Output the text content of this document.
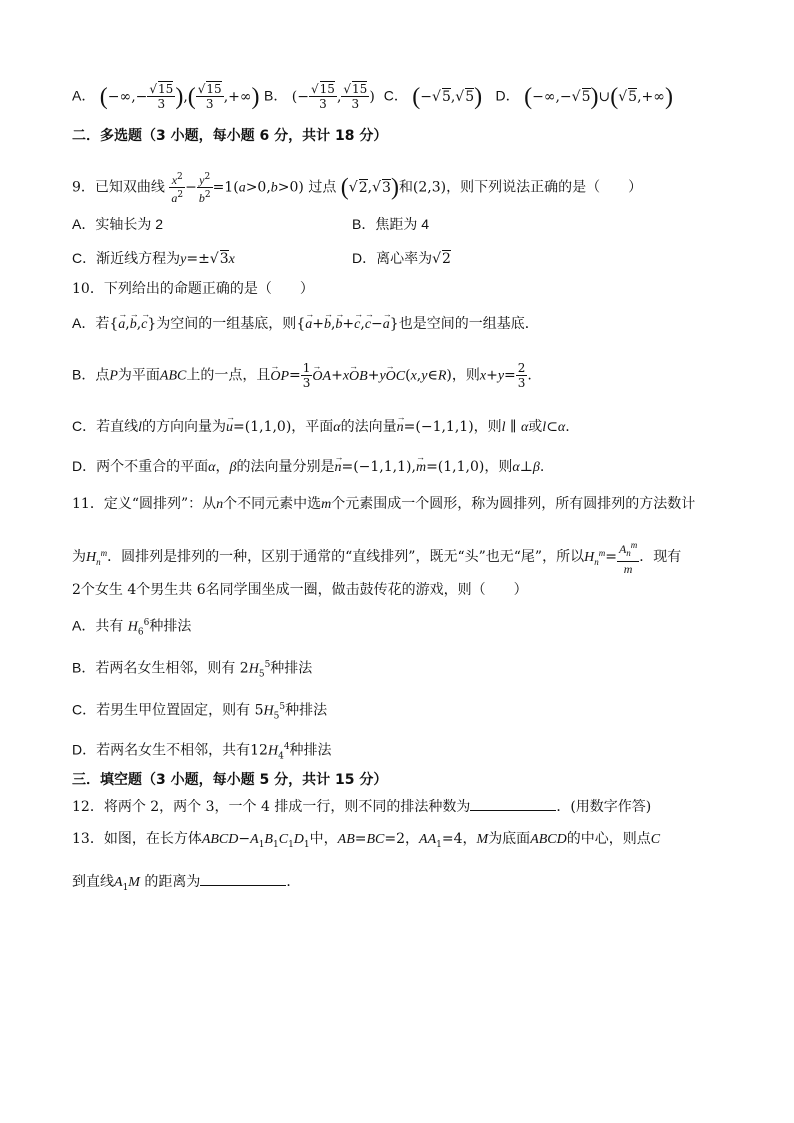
A． (−∞,− $\frac{√15}{3}$ ),( $\frac{√15}{3}$ ,+∞) B． (− $\frac{√15}{3}$ , $\frac{√15}{3}$ )  C． (−√5,√5) D． (−∞,−√5)∪(√5,+∞)
二．多选题（3 小题，每小题 6 分，共计 18 分）
9．已知双曲线 $\frac{x^2}{a^2} - \frac{y^2}{b^2} =1(a>0,b>0)$ 过点 (√2,√3)和(2,3)，则下列说法正确的是（　　）
A．实轴长为 2	B．焦距为 4
C．渐近线方程为y=±√3x	D．离心率为√2
10．下列给出的命题正确的是（　　）
A．若{→ a,→ b,→ c}为空间的一组基底，则{→ a+→ b,→ b+→ c,→ c−→ a}也是空间的一组基底．
B．点P为平面ABC上的一点，且→ $OP= \frac{1}{3}$
→ OA+x→ OB+y→ OC(x,y∈R)，则$x+y= \frac{2}{3}$ .
C．若直线l的方向向量为→ u=(1,1,0)，平面α的法向量→ n=(−1,1,1)，则l ∥ α或l⊂α.
D．两个不重合的平面α，β的法向量分别是→ n=(−1,1,1),→ m=(1,1,0)，则α⊥β.
11．定义“圆排列”：从n个不同元素中选m个元素围成一个圆形，称为圆排列，所有圆排列的方法数计
为$H_n^m$．圆排列是排列的一种，区别于通常的“直线排列”，既无“头”也无“尾”，所以$H_n^m= \frac{A_n^m}{m}$ ．现有
2个女生 4个男生共 6名同学围坐成一圈，做击鼓传花的游戏，则（　　）
A．共有 $H_6^6$种排法
B．若两名女生相邻，则有 $2H_5^5$种排法
C．若男生甲位置固定，则有 $5H_5^5$种排法
D．若两名女生不相邻，共有$12H_4^4$种排法
三．填空题（3 小题，每小题 5 分，共计 15 分）
12．将两个 2，两个 3，一个 4 排成一行，则不同的排法种数为	．(用数字作答)
13．如图，在长方体$ABCD-A_1B_1C_1D_1$中，AB=BC=2，$AA_1=4$，M为底面ABCD的中心，则点C
到直线$A_1M$ 的距离为	．
